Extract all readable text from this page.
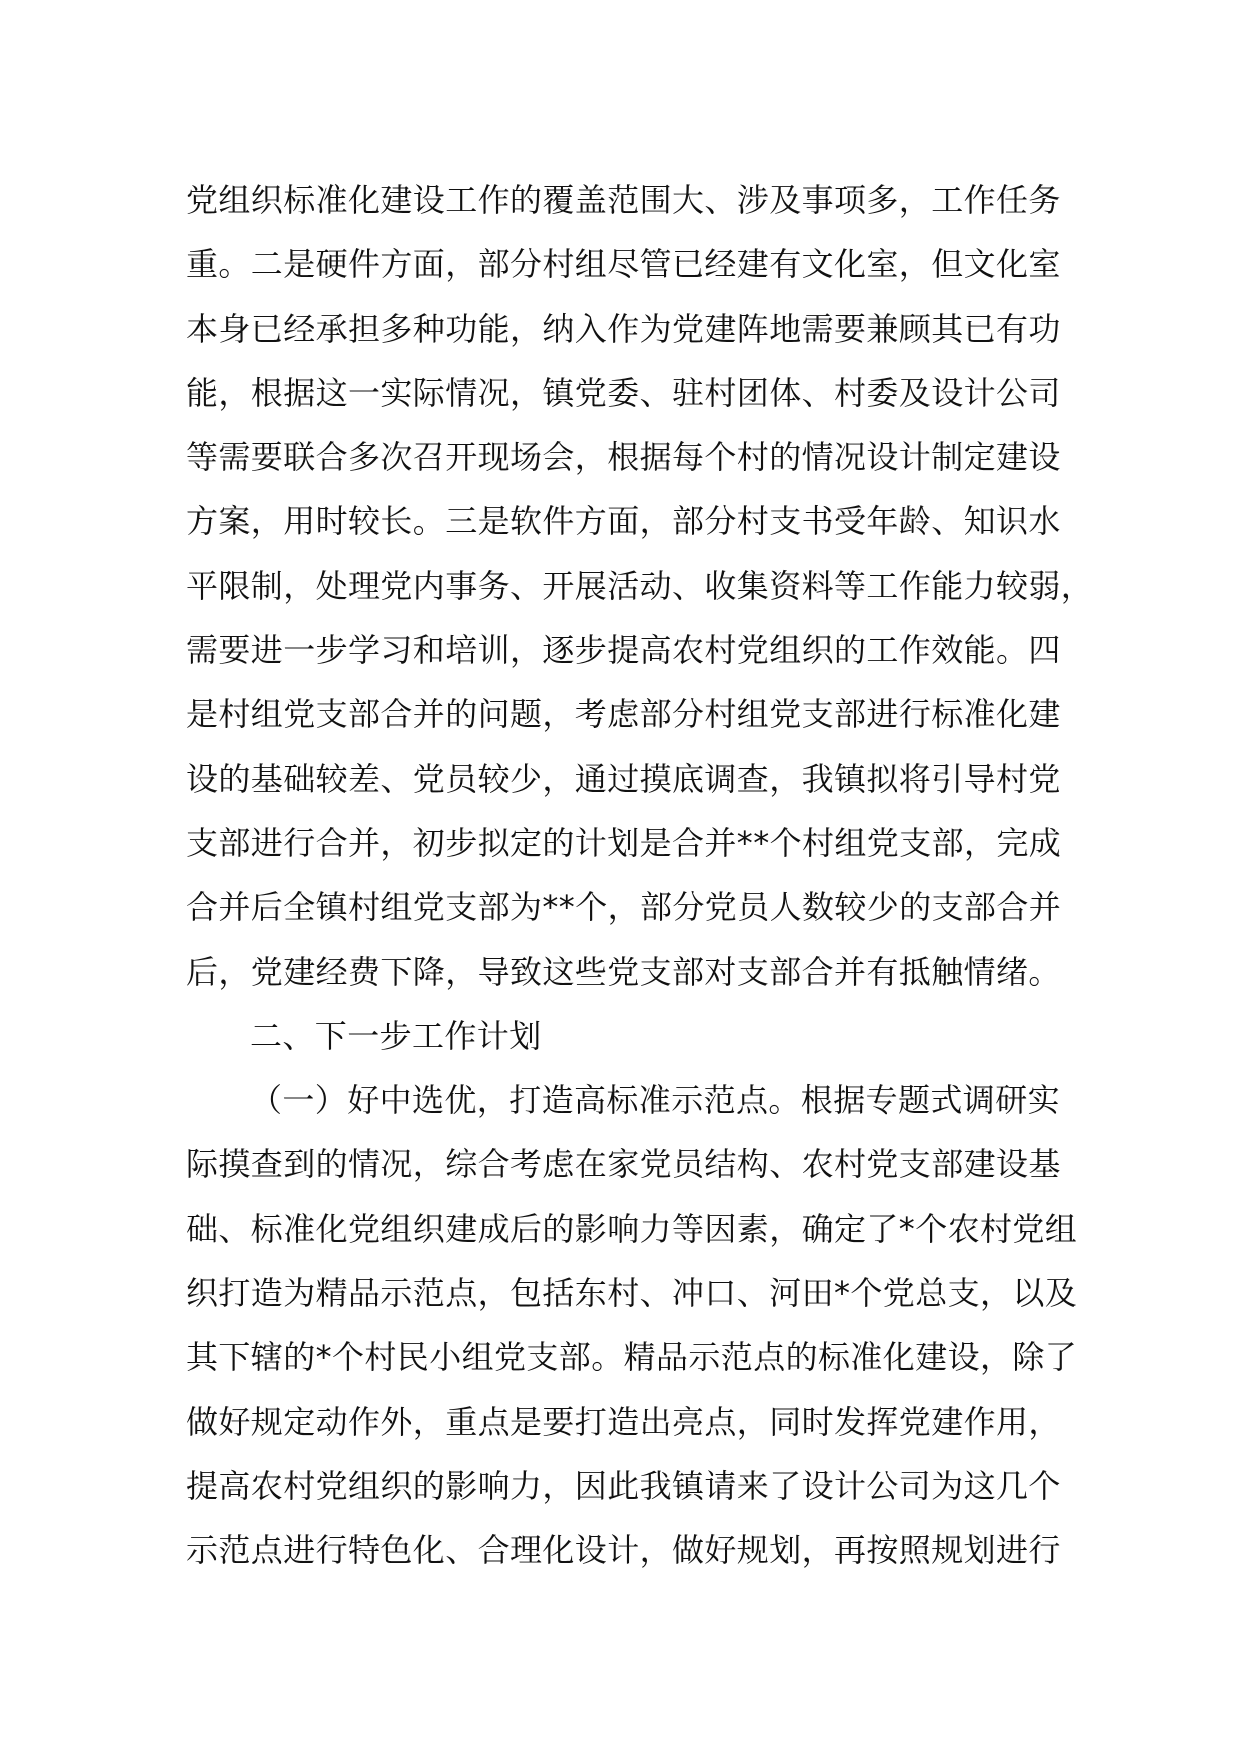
党组织标准化建设工作的覆盖范围大、涉及事项多，工作任务
重。二是硬件方面，部分村组尽管已经建有文化室，但文化室
本身已经承担多种功能，纳入作为党建阵地需要兼顾其已有功
能，根据这一实际情况，镇党委、驻村团体、村委及设计公司
等需要联合多次召开现场会，根据每个村的情况设计制定建设
方案，用时较长。三是软件方面，部分村支书受年龄、知识水
平限制，处理党内事务、开展活动、收集资料等工作能力较弱，
需要进一步学习和培训，逐步提高农村党组织的工作效能。四
是村组党支部合并的问题，考虑部分村组党支部进行标准化建
设的基础较差、党员较少，通过摸底调查，我镇拟将引导村党
支部进行合并，初步拟定的计划是合并**个村组党支部，完成
合并后全镇村组党支部为**个，部分党员人数较少的支部合并
后，党建经费下降，导致这些党支部对支部合并有抵触情绪。
二、下一步工作计划
（一）好中选优，打造高标准示范点。根据专题式调研实
际摸查到的情况，综合考虑在家党员结构、农村党支部建设基
础、标准化党组织建成后的影响力等因素，确定了*个农村党组
织打造为精品示范点，包括东村、冲口、河田*个党总支，以及
其下辖的*个村民小组党支部。精品示范点的标准化建设，除了
做好规定动作外，重点是要打造出亮点，同时发挥党建作用，
提高农村党组织的影响力，因此我镇请来了设计公司为这几个
示范点进行特色化、合理化设计，做好规划，再按照规划进行
